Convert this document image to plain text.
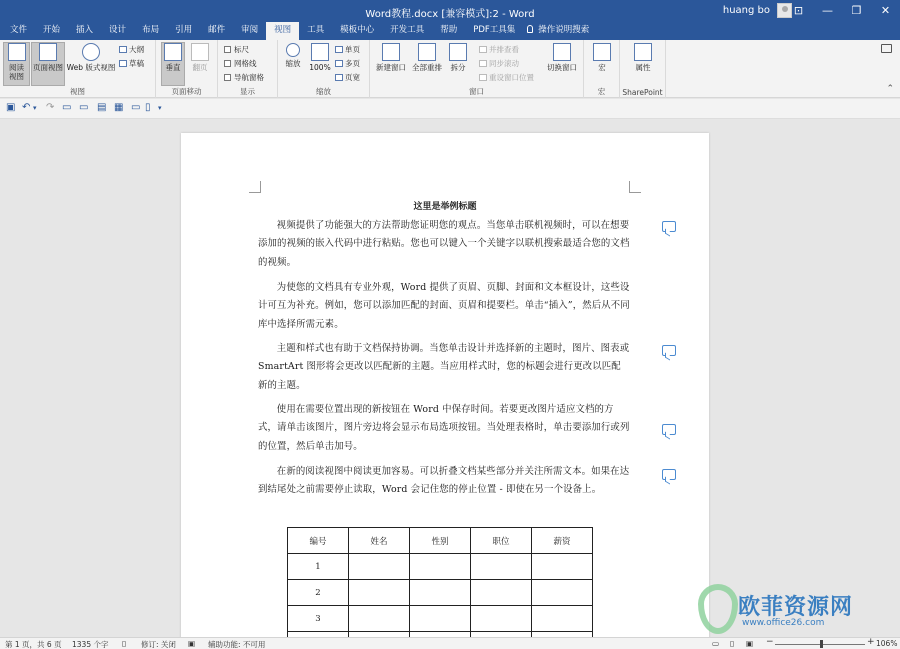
Word教程.docx [兼容模式]:2 - Word	huang bo	⊡	—	❐	✕
文件	开始	插入	设计	布局	引用	邮件	审阅	视图	工具	模板中心	开发工具	帮助	PDF工具集	操作说明搜索
阅读
视图
页面视图 Web 版式视图
大纲
草稿
视图
垂直	翻页
页面移动
标尺
网格线
导航窗格
显示
缩放	100%
单页
多页
页宽
缩放
新建窗口 全部重排	拆分
并排查看
同步滚动
重设窗口位置
切换窗口
窗口
宏
宏
属性
SharePoint	⌃
▣ ↶ ▾ ↷ ▭ ▭ ▤ ▦ ▭ ▯ ▾
这里是举例标题
视频提供了功能强大的方法帮助您证明您的观点。当您单击联机视频时，可以在想要添加的视频的嵌入代码中进行粘贴。您也可以键入一个关键字以联机搜索最适合您的文档的视频。
为使您的文档具有专业外观，Word 提供了页眉、页脚、封面和文本框设计，这些设计可互为补充。例如，您可以添加匹配的封面、页眉和提要栏。单击“插入”，然后从不同库中选择所需元素。
主题和样式也有助于文档保持协调。当您单击设计并选择新的主题时，图片、图表或 SmartArt 图形将会更改以匹配新的主题。当应用样式时，您的标题会进行更改以匹配新的主题。
使用在需要位置出现的新按钮在 Word 中保存时间。若要更改图片适应文档的方式，请单击该图片，图片旁边将会显示布局选项按钮。当处理表格时，单击要添加行或列的位置，然后单击加号。
在新的阅读视图中阅读更加容易。可以折叠文档某些部分并关注所需文本。如果在达到结尾处之前需要停止读取，Word 会记住您的停止位置 - 即使在另一个设备上。
编号	姓名	性别	职位	薪资
1				
2				
3				
					欧菲资源网
www.office26.com
第 1 页，共 6 页 1335 个字 ▯ 修订: 关闭 ▣ 辅助功能: 不可用	▭ ▯ ▣ −	+ 106%
